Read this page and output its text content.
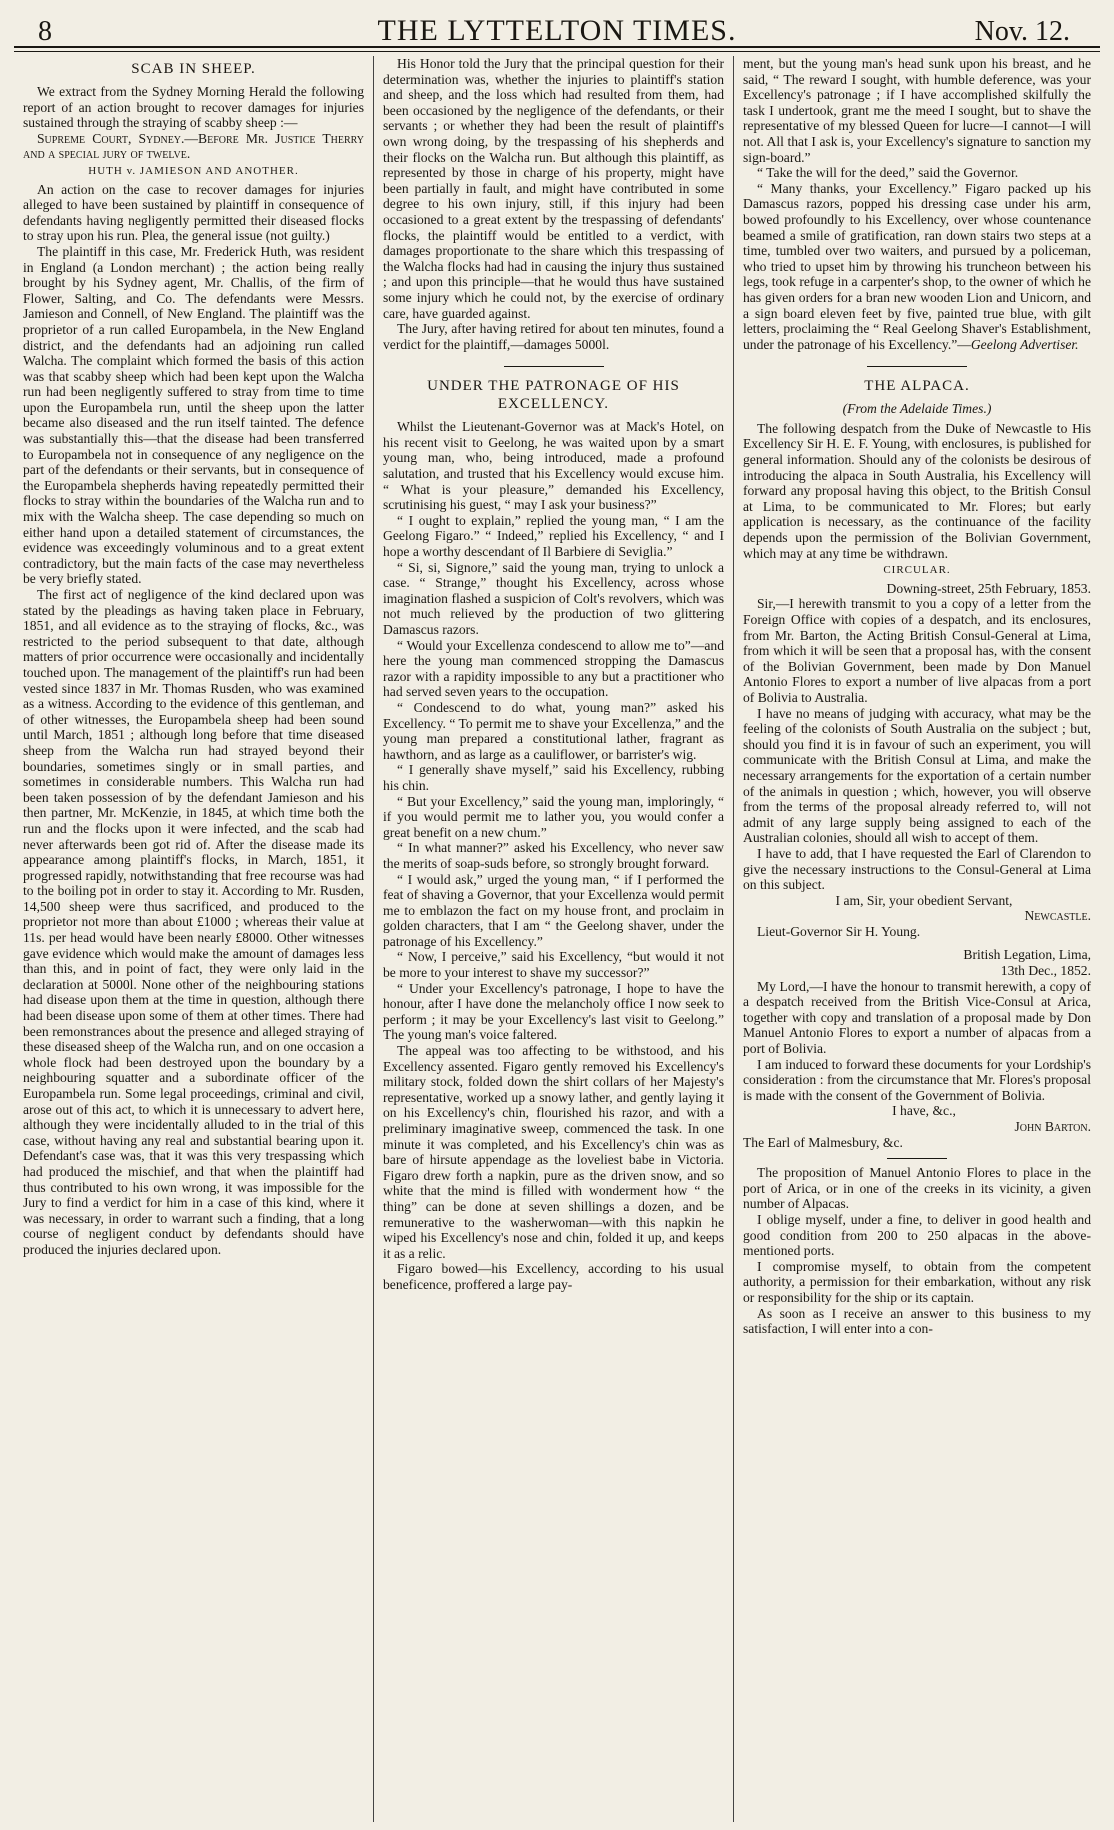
8	THE LYTTELTON TIMES.	Nov. 12.
SCAB IN SHEEP.

We extract from the Sydney Morning Herald the following report of an action brought to recover damages for injuries sustained through the straying of scabby sheep :—

Supreme Court, Sydney.—Before Mr. Justice Therry and a special jury of twelve.

HUTH v. JAMIESON AND ANOTHER.

An action on the case to recover damages for injuries alleged to have been sustained by plaintiff in consequence of defendants having negligently permitted their diseased flocks to stray upon his run. Plea, the general issue (not guilty.)

The plaintiff in this case, Mr. Frederick Huth, was resident in England (a London merchant) ; the action being really brought by his Sydney agent, Mr. Challis, of the firm of Flower, Salting, and Co. The defendants were Messrs. Jamieson and Connell, of New England. The plaintiff was the proprietor of a run called Europambela, in the New England district, and the defendants had an adjoining run called Walcha. The complaint which formed the basis of this action was that scabby sheep which had been kept upon the Walcha run had been negligently suffered to stray from time to time upon the Europambela run, until the sheep upon the latter became also diseased and the run itself tainted. The defence was substantially this—that the disease had been transferred to Europambela not in consequence of any negligence on the part of the defendants or their servants, but in consequence of the Europambela shepherds having repeatedly permitted their flocks to stray within the boundaries of the Walcha run and to mix with the Walcha sheep. The case depending so much on either hand upon a detailed statement of circumstances, the evidence was exceedingly voluminous and to a great extent contradictory, but the main facts of the case may nevertheless be very briefly stated.

The first act of negligence of the kind declared upon was stated by the pleadings as having taken place in February, 1851, and all evidence as to the straying of flocks, &c., was restricted to the period subsequent to that date, although matters of prior occurrence were occasionally and incidentally touched upon. The management of the plaintiff's run had been vested since 1837 in Mr. Thomas Rusden, who was examined as a witness. According to the evidence of this gentleman, and of other witnesses, the Europambela sheep had been sound until March, 1851 ; although long before that time diseased sheep from the Walcha run had strayed beyond their boundaries, sometimes singly or in small parties, and sometimes in considerable numbers. This Walcha run had been taken possession of by the defendant Jamieson and his then partner, Mr. McKenzie, in 1845, at which time both the run and the flocks upon it were infected, and the scab had never afterwards been got rid of. After the disease made its appearance among plaintiff's flocks, in March, 1851, it progressed rapidly, notwithstanding that free recourse was had to the boiling pot in order to stay it. According to Mr. Rusden, 14,500 sheep were thus sacrificed, and produced to the proprietor not more than about £1000 ; whereas their value at 11s. per head would have been nearly £8000. Other witnesses gave evidence which would make the amount of damages less than this, and in point of fact, they were only laid in the declaration at 5000l. None other of the neighbouring stations had disease upon them at the time in question, although there had been disease upon some of them at other times. There had been remonstrances about the presence and alleged straying of these diseased sheep of the Walcha run, and on one occasion a whole flock had been destroyed upon the boundary by a neighbouring squatter and a subordinate officer of the Europambela run. Some legal proceedings, criminal and civil, arose out of this act, to which it is unnecessary to advert here, although they were incidentally alluded to in the trial of this case, without having any real and substantial bearing upon it. Defendant's case was, that it was this very trespassing which had produced the mischief, and that when the plaintiff had thus contributed to his own wrong, it was impossible for the Jury to find a verdict for him in a case of this kind, where it was necessary, in order to warrant such a finding, that a long course of negligent conduct by defendants should have produced the injuries declared upon.

His Honor told the Jury that the principal question for their determination was, whether the injuries to plaintiff's station and sheep, and the loss which had resulted from them, had been occasioned by the negligence of the defendants, or their servants ; or whether they had been the result of plaintiff's own wrong doing, by the trespassing of his shepherds and their flocks on the Walcha run. But although this plaintiff, as represented by those in charge of his property, might have been partially in fault, and might have contributed in some degree to his own injury, still, if this injury had been occasioned to a great extent by the trespassing of defendants' flocks, the plaintiff would be entitled to a verdict, with damages proportionate to the share which this trespassing of the Walcha flocks had had in causing the injury thus sustained ; and upon this principle—that he would thus have sustained some injury which he could not, by the exercise of ordinary care, have guarded against.

The Jury, after having retired for about ten minutes, found a verdict for the plaintiff,—damages 5000l.

UNDER THE PATRONAGE OF HIS EXCELLENCY.

Whilst the Lieutenant-Governor was at Mack's Hotel, on his recent visit to Geelong, he was waited upon by a smart young man, who, being introduced, made a profound salutation, and trusted that his Excellency would excuse him. “ What is your pleasure,” demanded his Excellency, scrutinising his guest, “ may I ask your business?”

“ I ought to explain,” replied the young man, “ I am the Geelong Figaro.” “ Indeed,” replied his Excellency, “ and I hope a worthy descendant of Il Barbiere di Seviglia.”

“ Si, si, Signore,” said the young man, trying to unlock a case. “ Strange,” thought his Excellency, across whose imagination flashed a suspicion of Colt's revolvers, which was not much relieved by the production of two glittering Damascus razors.

“ Would your Excellenza condescend to allow me to”—and here the young man commenced stropping the Damascus razor with a rapidity impossible to any but a practitioner who had served seven years to the occupation.

“ Condescend to do what, young man?” asked his Excellency. “ To permit me to shave your Excellenza,” and the young man prepared a constitutional lather, fragrant as hawthorn, and as large as a cauliflower, or barrister's wig.

“ I generally shave myself,” said his Excellency, rubbing his chin.

“ But your Excellency,” said the young man, imploringly, “ if you would permit me to lather you, you would confer a great benefit on a new chum.”

“ In what manner?” asked his Excellency, who never saw the merits of soap-suds before, so strongly brought forward.

“ I would ask,” urged the young man, “ if I performed the feat of shaving a Governor, that your Excellenza would permit me to emblazon the fact on my house front, and proclaim in golden characters, that I am “ the Geelong shaver, under the patronage of his Excellency.”

“ Now, I perceive,” said his Excellency, “but would it not be more to your interest to shave my successor?”

“ Under your Excellency's patronage, I hope to have the honour, after I have done the melancholy office I now seek to perform ; it may be your Excellency's last visit to Geelong.” The young man's voice faltered.

The appeal was too affecting to be withstood, and his Excellency assented. Figaro gently removed his Excellency's military stock, folded down the shirt collars of her Majesty's representative, worked up a snowy lather, and gently laying it on his Excellency's chin, flourished his razor, and with a preliminary imaginative sweep, commenced the task. In one minute it was completed, and his Excellency's chin was as bare of hirsute appendage as the loveliest babe in Victoria. Figaro drew forth a napkin, pure as the driven snow, and so white that the mind is filled with wonderment how “ the thing” can be done at seven shillings a dozen, and be remunerative to the washerwoman—with this napkin he wiped his Excellency's nose and chin, folded it up, and keeps it as a relic.

Figaro bowed—his Excellency, according to his usual beneficence, proffered a large pay-

ment, but the young man's head sunk upon his breast, and he said, “ The reward I sought, with humble deference, was your Excellency's patronage ; if I have accomplished skilfully the task I undertook, grant me the meed I sought, but to shave the representative of my blessed Queen for lucre—I cannot—I will not. All that I ask is, your Excellency's signature to sanction my sign-board.”

“ Take the will for the deed,” said the Governor.

“ Many thanks, your Excellency.” Figaro packed up his Damascus razors, popped his dressing case under his arm, bowed profoundly to his Excellency, over whose countenance beamed a smile of gratification, ran down stairs two steps at a time, tumbled over two waiters, and pursued by a policeman, who tried to upset him by throwing his truncheon between his legs, took refuge in a carpenter's shop, to the owner of which he has given orders for a bran new wooden Lion and Unicorn, and a sign board eleven feet by five, painted true blue, with gilt letters, proclaiming the “ Real Geelong Shaver's Establishment, under the patronage of his Excellency.”—Geelong Advertiser.

THE ALPACA.
(From the Adelaide Times.)

The following despatch from the Duke of Newcastle to His Excellency Sir H. E. F. Young, with enclosures, is published for general information. Should any of the colonists be desirous of introducing the alpaca in South Australia, his Excellency will forward any proposal having this object, to the British Consul at Lima, to be communicated to Mr. Flores; but early application is necessary, as the continuance of the facility depends upon the permission of the Bolivian Government, which may at any time be withdrawn.

CIRCULAR.

Downing-street, 25th February, 1853.

Sir,—I herewith transmit to you a copy of a letter from the Foreign Office with copies of a despatch, and its enclosures, from Mr. Barton, the Acting British Consul-General at Lima, from which it will be seen that a proposal has, with the consent of the Bolivian Government, been made by Don Manuel Antonio Flores to export a number of live alpacas from a port of Bolivia to Australia.

I have no means of judging with accuracy, what may be the feeling of the colonists of South Australia on the subject ; but, should you find it is in favour of such an experiment, you will communicate with the British Consul at Lima, and make the necessary arrangements for the exportation of a certain number of the animals in question ; which, however, you will observe from the terms of the proposal already referred to, will not admit of any large supply being assigned to each of the Australian colonies, should all wish to accept of them.

I have to add, that I have requested the Earl of Clarendon to give the necessary instructions to the Consul-General at Lima on this subject.

I am, Sir, your obedient Servant,

Newcastle.

Lieut-Governor Sir H. Young.

British Legation, Lima,

13th Dec., 1852.

My Lord,—I have the honour to transmit herewith, a copy of a despatch received from the British Vice-Consul at Arica, together with copy and translation of a proposal made by Don Manuel Antonio Flores to export a number of alpacas from a port of Bolivia.

I am induced to forward these documents for your Lordship's consideration : from the circumstance that Mr. Flores's proposal is made with the consent of the Government of Bolivia.

I have, &c.,

John Barton.

The Earl of Malmesbury, &c.

The proposition of Manuel Antonio Flores to place in the port of Arica, or in one of the creeks in its vicinity, a given number of Alpacas.

I oblige myself, under a fine, to deliver in good health and good condition from 200 to 250 alpacas in the above-mentioned ports.

I compromise myself, to obtain from the competent authority, a permission for their embarkation, without any risk or responsibility for the ship or its captain.

As soon as I receive an answer to this business to my satisfaction, I will enter into a con-
